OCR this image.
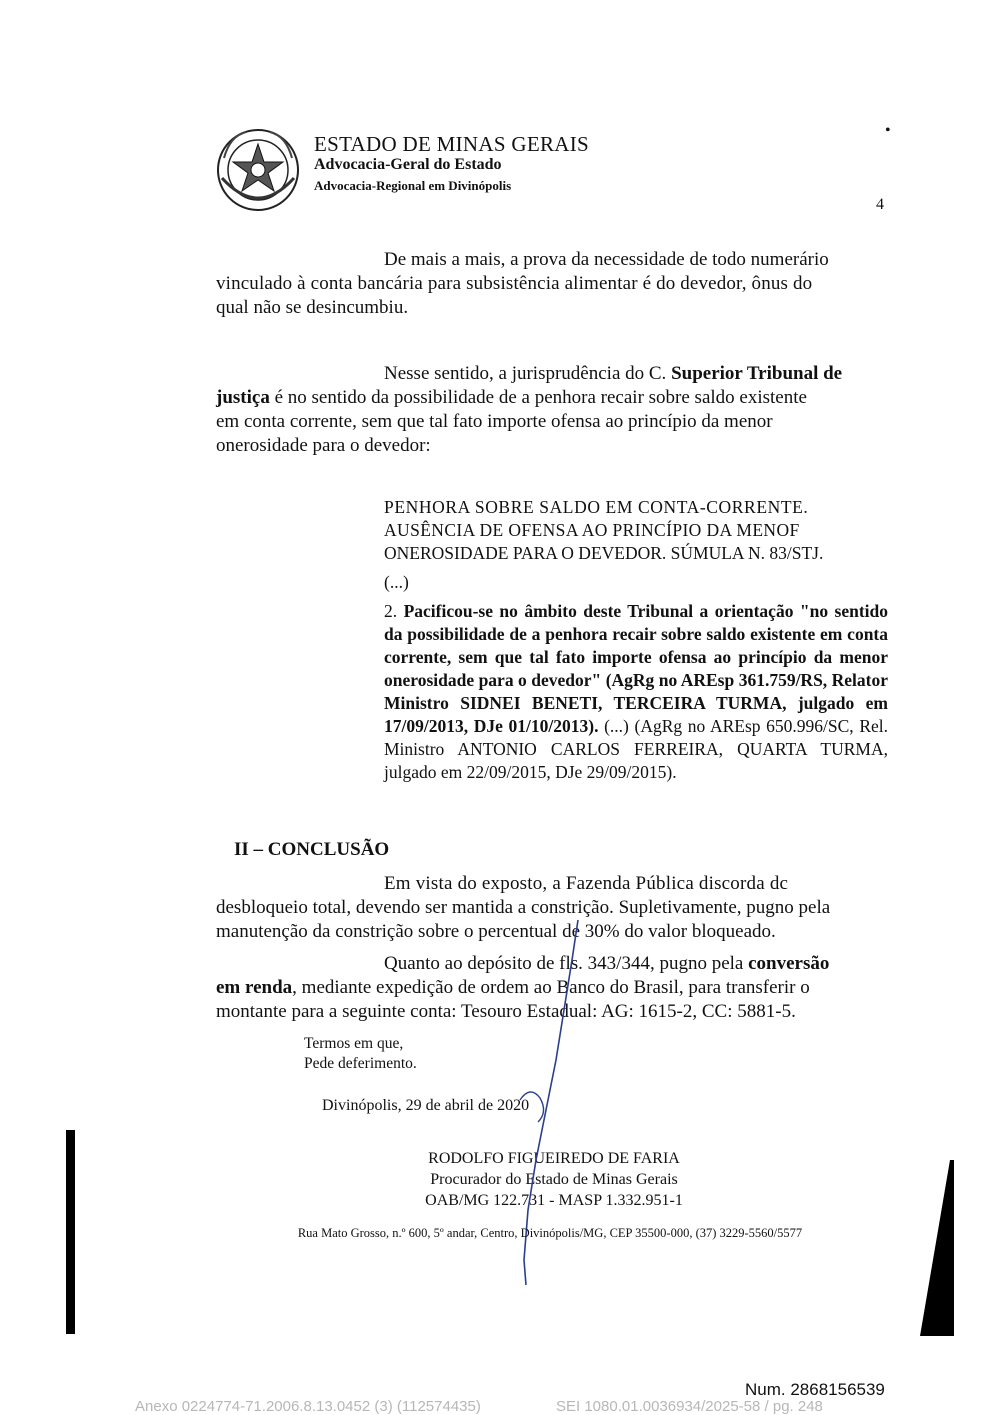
ESTADO DE MINAS GERAIS
Advocacia-Geral do Estado
Advocacia-Regional em Divinópolis
4
De mais a mais, a prova da necessidade de todo numerário
vinculado à conta bancária para subsistência alimentar é do devedor, ônus do
qual não se desincumbiu.
Nesse sentido, a jurisprudência do C. Superior Tribunal de
justiça é no sentido da possibilidade de a penhora recair sobre saldo existente
em conta corrente, sem que tal fato importe ofensa ao princípio da menor
onerosidade para o devedor:
PENHORA SOBRE SALDO EM CONTA-CORRENTE.
AUSÊNCIA DE OFENSA AO PRINCÍPIO DA MENOF
ONEROSIDADE PARA O DEVEDOR. SÚMULA N. 83/STJ.
(...)
2. Pacificou-se no âmbito deste Tribunal a orientação "no sentido da possibilidade de a penhora recair sobre saldo existente em conta corrente, sem que tal fato importe ofensa ao princípio da menor onerosidade para o devedor" (AgRg no AREsp 361.759/RS, Relator Ministro SIDNEI BENETI, TERCEIRA TURMA, julgado em 17/09/2013, DJe 01/10/2013). (...) (AgRg no AREsp 650.996/SC, Rel. Ministro ANTONIO CARLOS FERREIRA, QUARTA TURMA, julgado em 22/09/2015, DJe 29/09/2015).
II – CONCLUSÃO
Em vista do exposto, a Fazenda Pública discorda dc
desbloqueio total, devendo ser mantida a constrição. Supletivamente, pugno pela
manutenção da constrição sobre o percentual de 30% do valor bloqueado.
Quanto ao depósito de fls. 343/344, pugno pela conversão
em renda, mediante expedição de ordem ao Banco do Brasil, para transferir o
montante para a seguinte conta: Tesouro Estadual: AG: 1615-2, CC: 5881-5.
Termos em que,
Pede deferimento.
Divinópolis, 29 de abril de 2020
RODOLFO FIGUEIREDO DE FARIA
Procurador do Estado de Minas Gerais
OAB/MG 122.731 - MASP 1.332.951-1
Rua Mato Grosso, n.º 600, 5º andar, Centro, Divinópolis/MG, CEP 35500-000, (37) 3229-5560/5577
•
Num. 2868156539
Anexo 0224774-71.2006.8.13.0452 (3) (112574435)	SEI 1080.01.0036934/2025-58 / pg. 248
